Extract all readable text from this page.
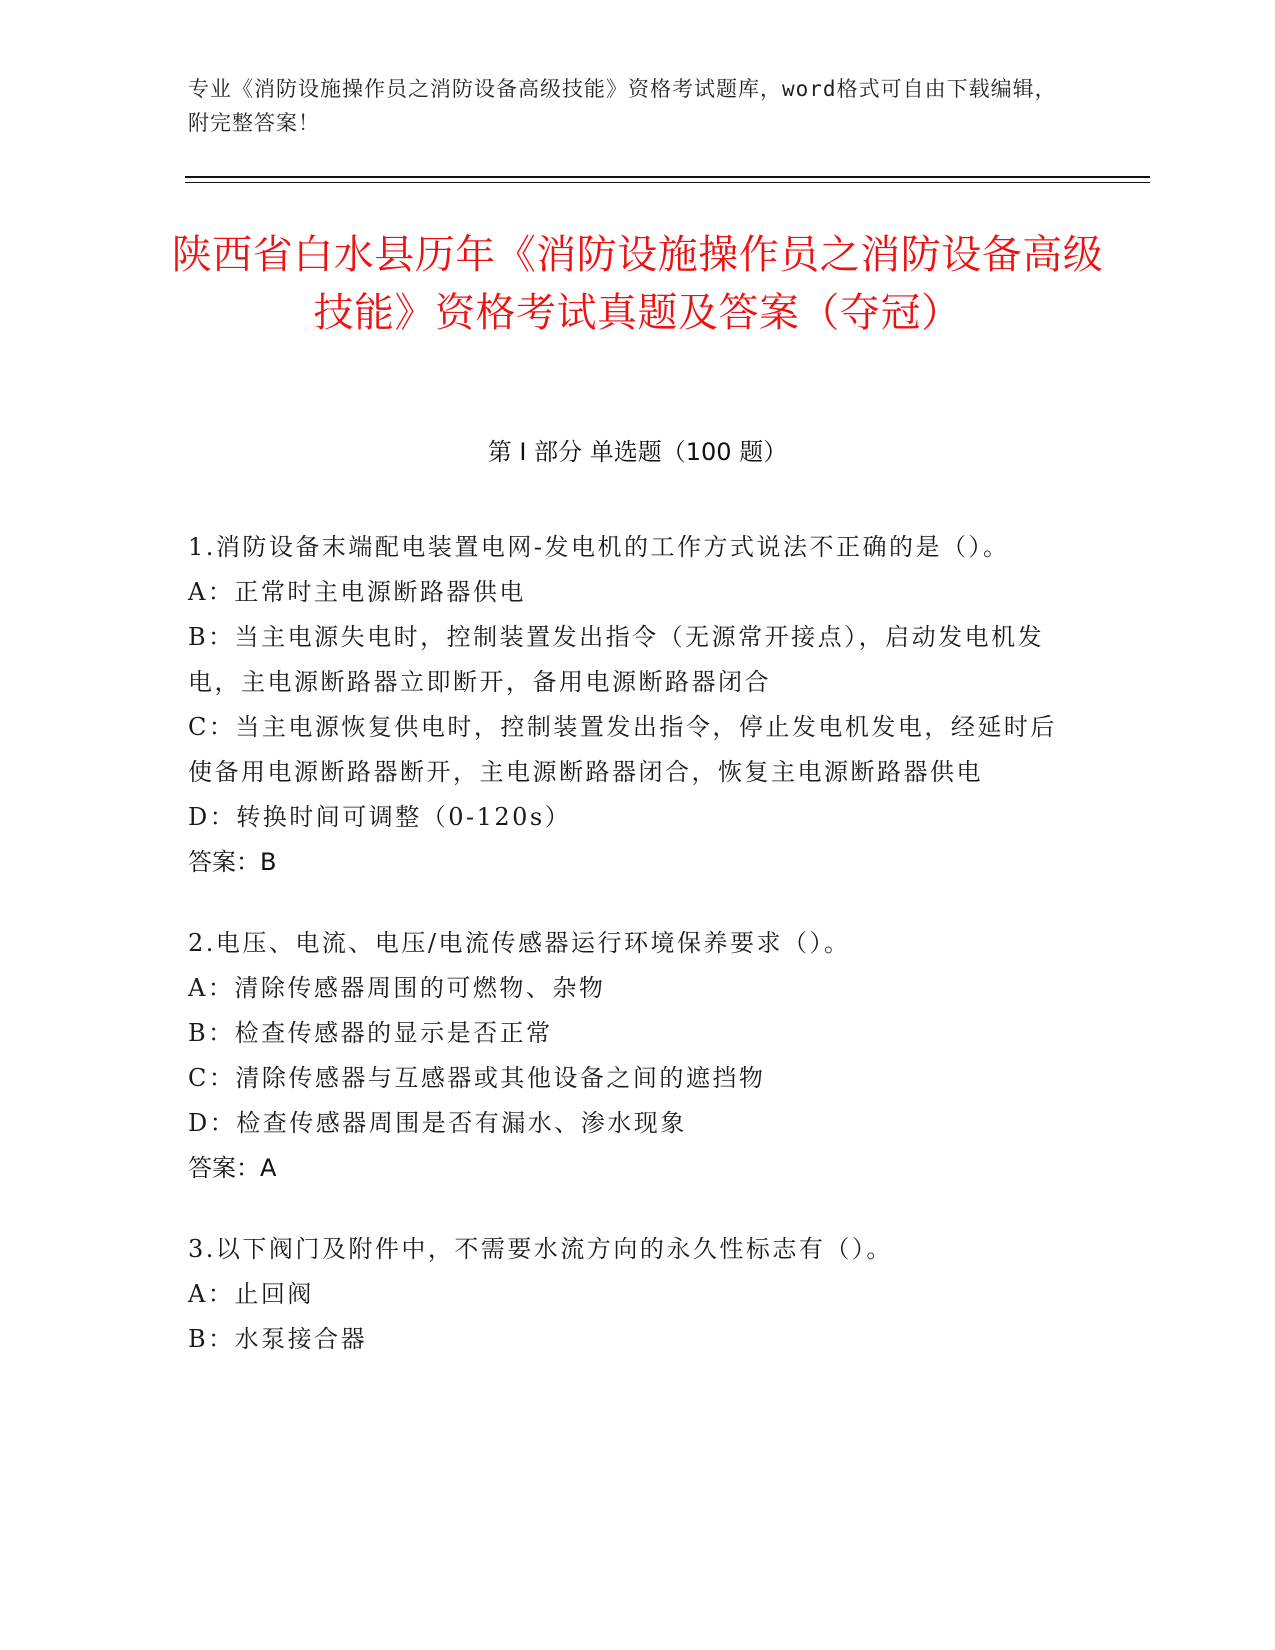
专业《消防设施操作员之消防设备高级技能》资格考试题库，word格式可自由下载编辑，附完整答案！
陕西省白水县历年《消防设施操作员之消防设备高级技能》资格考试真题及答案（夺冠）
第 I 部分 单选题（100 题）
1.消防设备末端配电装置电网-发电机的工作方式说法不正确的是（）。
A：正常时主电源断路器供电
B：当主电源失电时，控制装置发出指令（无源常开接点），启动发电机发电，主电源断路器立即断开，备用电源断路器闭合
C：当主电源恢复供电时，控制装置发出指令，停止发电机发电，经延时后使备用电源断路器断开，主电源断路器闭合，恢复主电源断路器供电
D：转换时间可调整（0-120s）
答案：B
2.电压、电流、电压/电流传感器运行环境保养要求（）。
A：清除传感器周围的可燃物、杂物
B：检查传感器的显示是否正常
C：清除传感器与互感器或其他设备之间的遮挡物
D：检查传感器周围是否有漏水、渗水现象
答案：A
3.以下阀门及附件中，不需要水流方向的永久性标志有（）。
A：止回阀
B：水泵接合器
